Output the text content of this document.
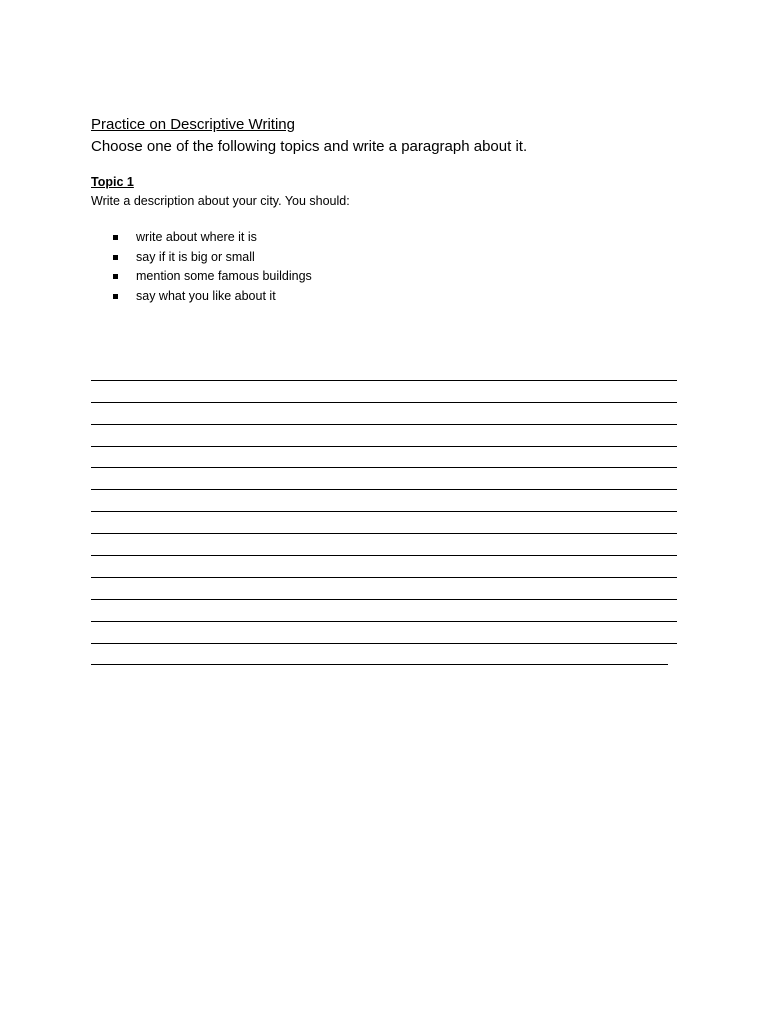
Practice on Descriptive Writing

Choose one of the following topics and write a paragraph about it.

Topic 1
Write a description about your city. You should:
write about where it is
say if it is big or small
mention some famous buildings
say what you like about it
